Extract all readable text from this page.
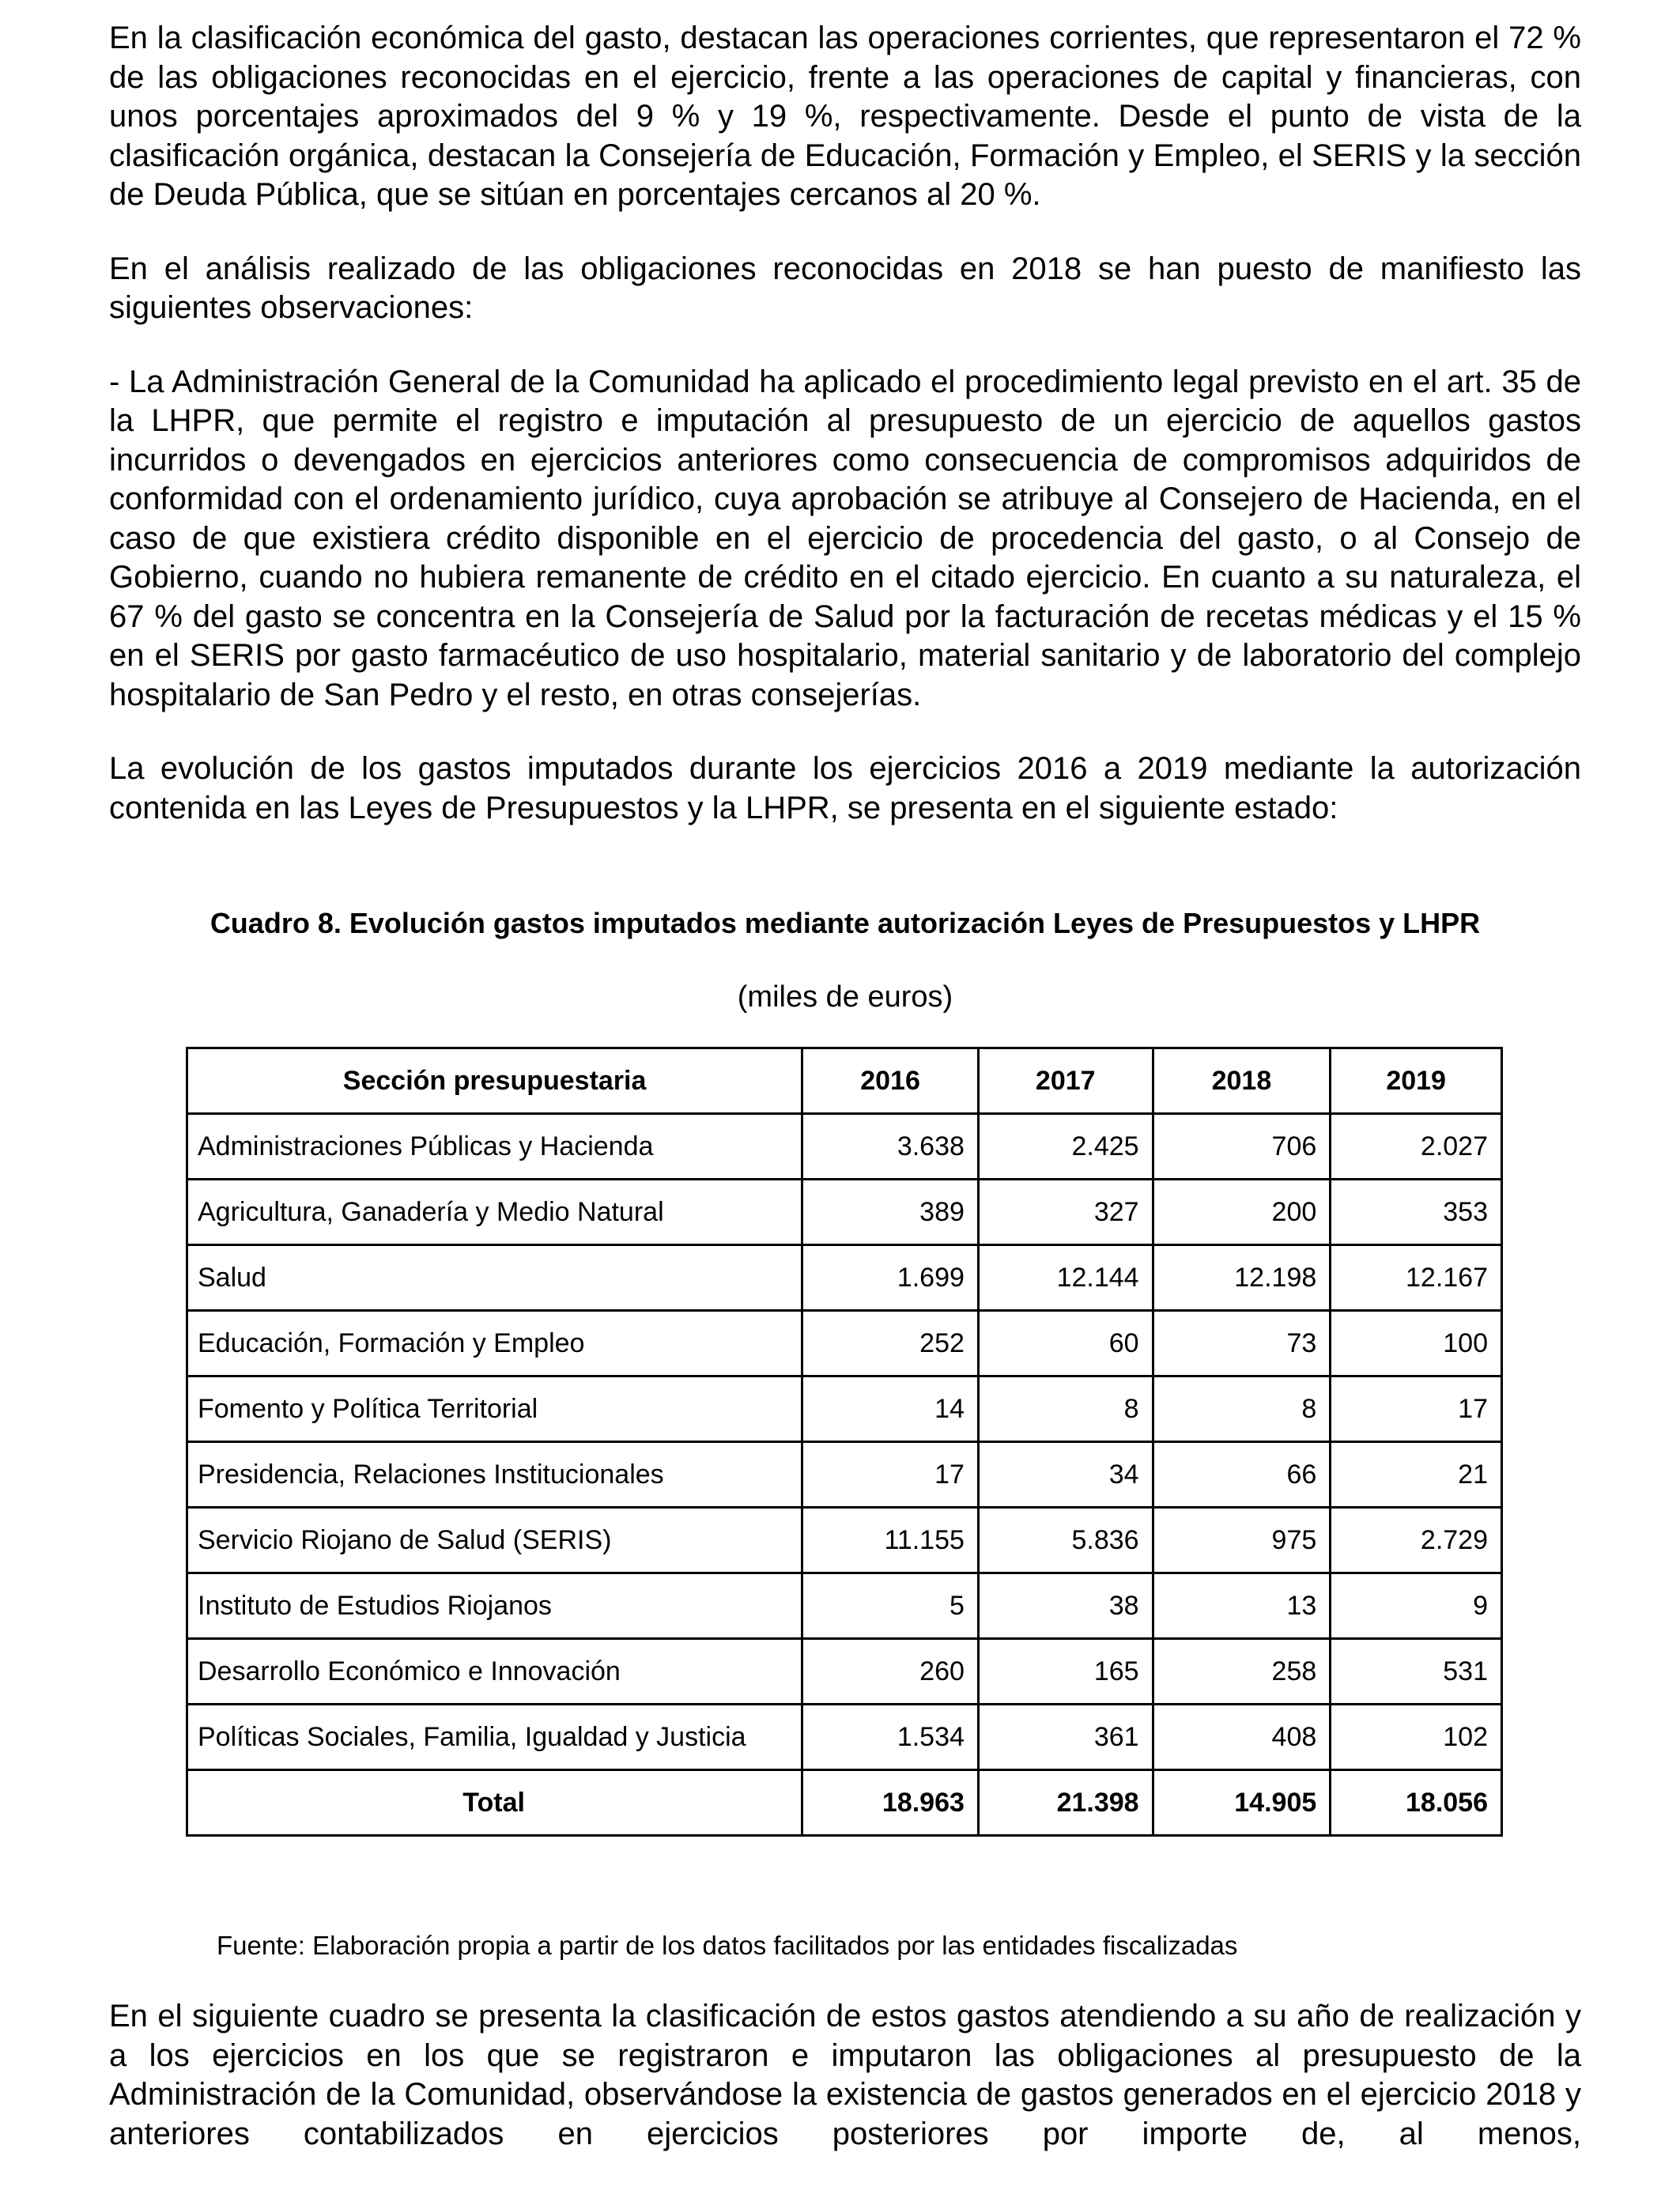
En la clasificación económica del gasto, destacan las operaciones corrientes, que representaron el 72 % de las obligaciones reconocidas en el ejercicio, frente a las operaciones de capital y financieras, con unos porcentajes aproximados del 9 % y 19 %, respectivamente. Desde el punto de vista de la clasificación orgánica, destacan la Consejería de Educación, Formación y Empleo, el SERIS y la sección de Deuda Pública, que se sitúan en porcentajes cercanos al 20 %.

En el análisis realizado de las obligaciones reconocidas en 2018 se han puesto de manifiesto las siguientes observaciones:

- La Administración General de la Comunidad ha aplicado el procedimiento legal previsto en el art. 35 de la LHPR, que permite el registro e imputación al presupuesto de un ejercicio de aquellos gastos incurridos o devengados en ejercicios anteriores como consecuencia de compromisos adquiridos de conformidad con el ordenamiento jurídico, cuya aprobación se atribuye al Consejero de Hacienda, en el caso de que existiera crédito disponible en el ejercicio de procedencia del gasto, o al Consejo de Gobierno, cuando no hubiera remanente de crédito en el citado ejercicio. En cuanto a su naturaleza, el 67 % del gasto se concentra en la Consejería de Salud por la facturación de recetas médicas y el 15 % en el SERIS por gasto farmacéutico de uso hospitalario, material sanitario y de laboratorio del complejo hospitalario de San Pedro y el resto, en otras consejerías.

La evolución de los gastos imputados durante los ejercicios 2016 a 2019 mediante la autorización contenida en las Leyes de Presupuestos y la LHPR, se presenta en el siguiente estado:

Cuadro 8. Evolución gastos imputados mediante autorización Leyes de Presupuestos y LHPR

(miles de euros)

Sección presupuestaria	2016	2017	2018	2019
Administraciones Públicas y Hacienda	3.638	2.425	706	2.027
Agricultura, Ganadería y Medio Natural	389	327	200	353
Salud	1.699	12.144	12.198	12.167
Educación, Formación y Empleo	252	60	73	100
Fomento y Política Territorial	14	8	8	17
Presidencia, Relaciones Institucionales	17	34	66	21
Servicio Riojano de Salud (SERIS)	11.155	5.836	975	2.729
Instituto de Estudios Riojanos	5	38	13	9
Desarrollo Económico e Innovación	260	165	258	531
Políticas Sociales, Familia, Igualdad y Justicia	1.534	361	408	102
Total	18.963	21.398	14.905	18.056

Fuente: Elaboración propia a partir de los datos facilitados por las entidades fiscalizadas

En el siguiente cuadro se presenta la clasificación de estos gastos atendiendo a su año de realización y a los ejercicios en los que se registraron e imputaron las obligaciones al presupuesto de la Administración de la Comunidad, observándose la existencia de gastos generados en el ejercicio 2018 y anteriores contabilizados en ejercicios posteriores por importe de, al menos,
